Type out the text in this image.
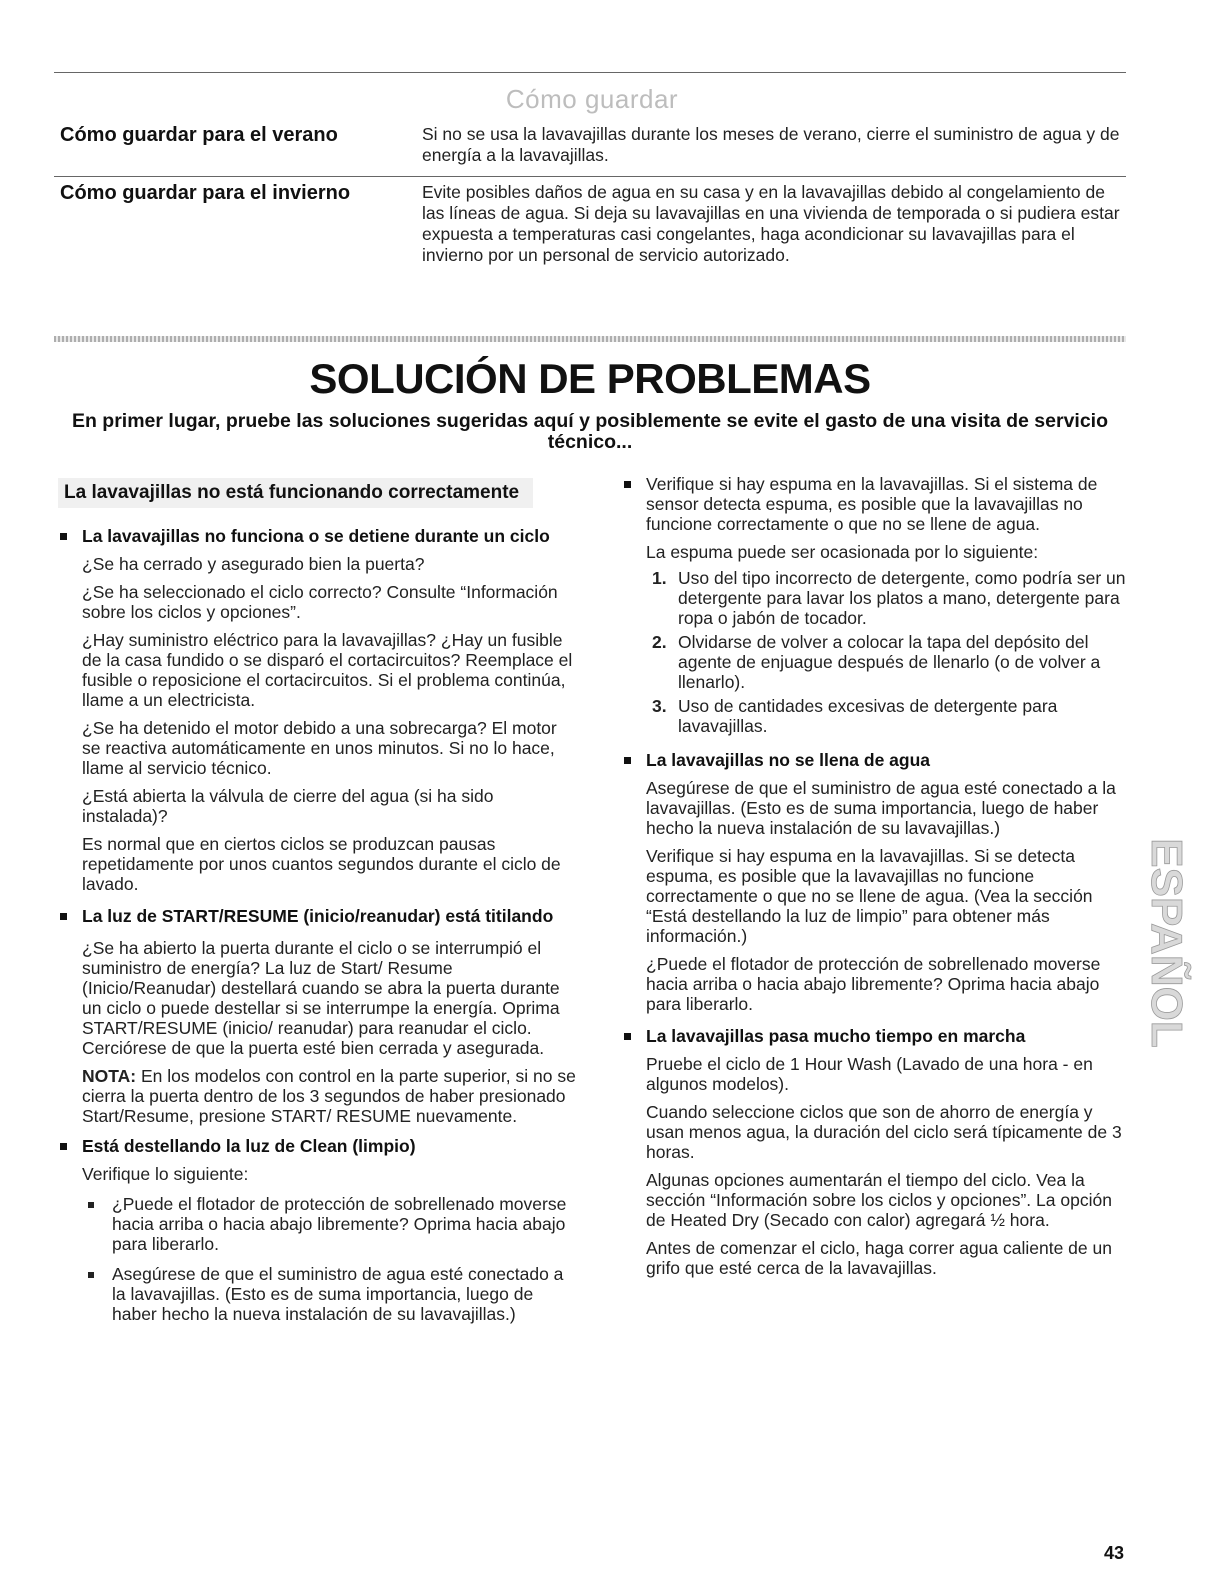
Cómo guardar
Cómo guardar para el verano	Si no se usa la lavavajillas durante los meses de verano, cierre el suministro de agua y de energía a la lavavajillas.
Cómo guardar para el invierno	Evite posibles daños de agua en su casa y en la lavavajillas debido al congelamiento de las líneas de agua. Si deja su lavavajillas en una vivienda de temporada o si pudiera estar expuesta a temperaturas casi congelantes, haga acondicionar su lavavajillas para el invierno por un personal de servicio autorizado.
SOLUCIÓN DE PROBLEMAS
En primer lugar, pruebe las soluciones sugeridas aquí y posiblemente se evite el gasto de una visita de servicio técnico...
La lavavajillas no está funcionando correctamente
La lavavajillas no funciona o se detiene durante un ciclo
¿Se ha cerrado y asegurado bien la puerta?
¿Se ha seleccionado el ciclo correcto? Consulte “Información sobre los ciclos y opciones”.
¿Hay suministro eléctrico para la lavavajillas? ¿Hay un fusible de la casa fundido o se disparó el cortacircuitos? Reemplace el fusible o reposicione el cortacircuitos. Si el problema continúa, llame a un electricista.
¿Se ha detenido el motor debido a una sobrecarga? El motor se reactiva automáticamente en unos minutos. Si no lo hace, llame al servicio técnico.
¿Está abierta la válvula de cierre del agua (si ha sido instalada)?
Es normal que en ciertos ciclos se produzcan pausas repetidamente por unos cuantos segundos durante el ciclo de lavado.
La luz de START/RESUME (inicio/reanudar) está titilando
¿Se ha abierto la puerta durante el ciclo o se interrumpió el suministro de energía? La luz de Start/ Resume (Inicio/Reanudar) destellará cuando se abra la puerta durante un ciclo o puede destellar si se interrumpe la energía. Oprima START/RESUME (inicio/ reanudar) para reanudar el ciclo. Cerciórese de que la puerta esté bien cerrada y asegurada.
NOTA: En los modelos con control en la parte superior, si no se cierra la puerta dentro de los 3 segundos de haber presionado Start/Resume, presione START/ RESUME nuevamente.
Está destellando la luz de Clean (limpio)
Verifique lo siguiente:
¿Puede el flotador de protección de sobrellenado moverse hacia arriba o hacia abajo libremente? Oprima hacia abajo para liberarlo.
Asegúrese de que el suministro de agua esté conectado a la lavavajillas. (Esto es de suma importancia, luego de haber hecho la nueva instalación de su lavavajillas.)
Verifique si hay espuma en la lavavajillas. Si el sistema de sensor detecta espuma, es posible que la lavavajillas no funcione correctamente o que no se llene de agua.
La espuma puede ser ocasionada por lo siguiente:
1. Uso del tipo incorrecto de detergente, como podría ser un detergente para lavar los platos a mano, detergente para ropa o jabón de tocador.
2. Olvidarse de volver a colocar la tapa del depósito del agente de enjuague después de llenarlo (o de volver a llenarlo).
3. Uso de cantidades excesivas de detergente para lavavajillas.
La lavavajillas no se llena de agua
Asegúrese de que el suministro de agua esté conectado a la lavavajillas. (Esto es de suma importancia, luego de haber hecho la nueva instalación de su lavavajillas.)
Verifique si hay espuma en la lavavajillas. Si se detecta espuma, es posible que la lavavajillas no funcione correctamente o que no se llene de agua. (Vea la sección “Está destellando la luz de limpio” para obtener más información.)
¿Puede el flotador de protección de sobrellenado moverse hacia arriba o hacia abajo libremente? Oprima hacia abajo para liberarlo.
La lavavajillas pasa mucho tiempo en marcha
Pruebe el ciclo de 1 Hour Wash (Lavado de una hora - en algunos modelos).
Cuando seleccione ciclos que son de ahorro de energía y usan menos agua, la duración del ciclo será típicamente de 3 horas.
Algunas opciones aumentarán el tiempo del ciclo. Vea la sección “Información sobre los ciclos y opciones”. La opción de Heated Dry (Secado con calor) agregará ½ hora.
Antes de comenzar el ciclo, haga correr agua caliente de un grifo que esté cerca de la lavavajillas.
ESPAÑOL
43
